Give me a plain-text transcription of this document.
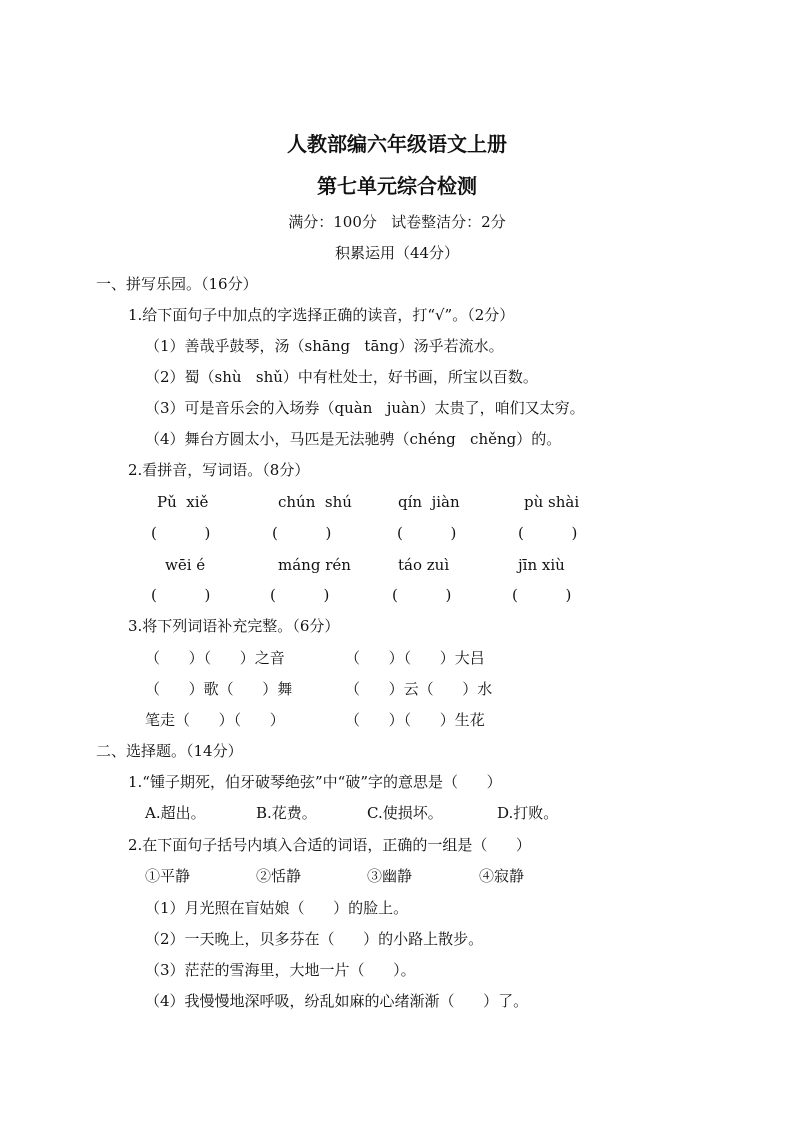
人教部编六年级语文上册
第七单元综合检测
满分：100分   试卷整洁分：2分
积累运用（44分）
一、拼写乐园。（16分）
1.给下面句子中加点的字选择正确的读音，打“√”。（2分）
（1）善哉乎鼓琴，汤（shāng   tāng）汤乎若流水。
（2）蜀（shù   shǔ）中有杜处士，好书画，所宝以百数。
（3）可是音乐会的入场券（quàn   juàn）太贵了，咱们又太穷。
（4）舞台方圆太小，马匹是无法驰骋（chéng   chěng）的。
2.看拼音，写词语。（8分）
Pǔ  xiě	chún  shú	qín  jiàn	pù shài
(          )	(          )	(          )	(          )
wēi é	máng rén	táo zuì	jīn xiù
(          )	(          )	(          )	(          )
3.将下列词语补充完整。（6分）
（      ）（      ）之音	（      ）（      ）大吕
（      ）歌（      ）舞	（      ）云（      ）水
笔走（      ）（      ）	（      ）（      ）生花
二、选择题。（14分）
1.“锺子期死，伯牙破琴绝弦”中“破”字的意思是（      ）
A.超出。	B.花费。	C.使损坏。	D.打败。
2.在下面句子括号内填入合适的词语，正确的一组是（      ）
①平静	②恬静	③幽静	④寂静
（1）月光照在盲姑娘（      ）的脸上。
（2）一天晚上，贝多芬在（      ）的小路上散步。
（3）茫茫的雪海里，大地一片（      ）。
（4）我慢慢地深呼吸，纷乱如麻的心绪渐渐（      ）了。
